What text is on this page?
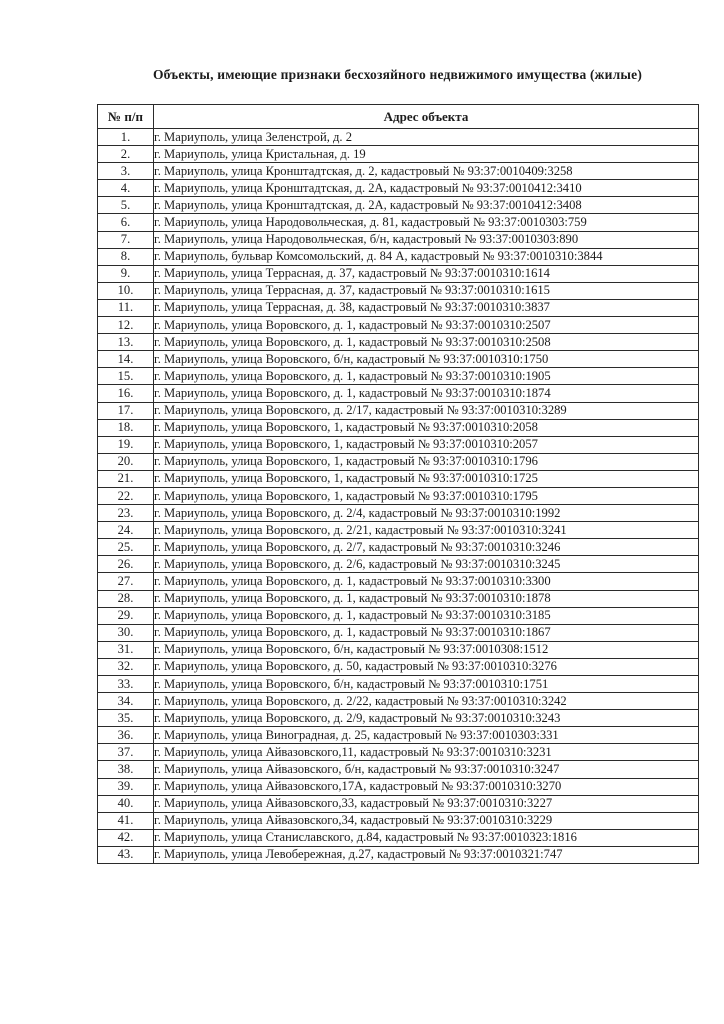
Объекты, имеющие признаки бесхозяйного недвижимого имущества (жилые)
№ п/п	Адрес объекта
1.	г. Мариуполь, улица Зеленстрой, д. 2
2.	г. Мариуполь, улица Кристальная, д. 19
3.	г. Мариуполь, улица Кронштадтская, д. 2, кадастровый № 93:37:0010409:3258
4.	г. Мариуполь, улица Кронштадтская, д. 2А, кадастровый № 93:37:0010412:3410
5.	г. Мариуполь, улица Кронштадтская, д. 2А, кадастровый № 93:37:0010412:3408
6.	г. Мариуполь, улица Народовольческая, д. 81, кадастровый № 93:37:0010303:759
7.	г. Мариуполь, улица Народовольческая, б/н, кадастровый № 93:37:0010303:890
8.	г. Мариуполь, бульвар Комсомольский, д. 84 А, кадастровый № 93:37:0010310:3844
9.	г. Мариуполь, улица Террасная, д. 37, кадастровый № 93:37:0010310:1614
10.	г. Мариуполь, улица Террасная, д. 37, кадастровый № 93:37:0010310:1615
11.	г. Мариуполь, улица Террасная, д. 38, кадастровый № 93:37:0010310:3837
12.	г. Мариуполь, улица Воровского, д. 1, кадастровый № 93:37:0010310:2507
13.	г. Мариуполь, улица Воровского, д. 1, кадастровый № 93:37:0010310:2508
14.	г. Мариуполь, улица Воровского, б/н, кадастровый № 93:37:0010310:1750
15.	г. Мариуполь, улица Воровского, д. 1, кадастровый № 93:37:0010310:1905
16.	г. Мариуполь, улица Воровского, д. 1, кадастровый № 93:37:0010310:1874
17.	г. Мариуполь, улица Воровского, д. 2/17, кадастровый № 93:37:0010310:3289
18.	г. Мариуполь, улица Воровского, 1, кадастровый № 93:37:0010310:2058
19.	г. Мариуполь, улица Воровского, 1, кадастровый № 93:37:0010310:2057
20.	г. Мариуполь, улица Воровского, 1, кадастровый № 93:37:0010310:1796
21.	г. Мариуполь, улица Воровского, 1, кадастровый № 93:37:0010310:1725
22.	г. Мариуполь, улица Воровского, 1, кадастровый № 93:37:0010310:1795
23.	г. Мариуполь, улица Воровского, д. 2/4, кадастровый № 93:37:0010310:1992
24.	г. Мариуполь, улица Воровского, д. 2/21, кадастровый № 93:37:0010310:3241
25.	г. Мариуполь, улица Воровского, д. 2/7, кадастровый № 93:37:0010310:3246
26.	г. Мариуполь, улица Воровского, д. 2/6, кадастровый № 93:37:0010310:3245
27.	г. Мариуполь, улица Воровского, д. 1, кадастровый № 93:37:0010310:3300
28.	г. Мариуполь, улица Воровского, д. 1, кадастровый № 93:37:0010310:1878
29.	г. Мариуполь, улица Воровского, д. 1, кадастровый № 93:37:0010310:3185
30.	г. Мариуполь, улица Воровского, д. 1, кадастровый № 93:37:0010310:1867
31.	г. Мариуполь, улица Воровского, б/н, кадастровый № 93:37:0010308:1512
32.	г. Мариуполь, улица Воровского, д. 50, кадастровый № 93:37:0010310:3276
33.	г. Мариуполь, улица Воровского, б/н, кадастровый № 93:37:0010310:1751
34.	г. Мариуполь, улица Воровского, д. 2/22, кадастровый № 93:37:0010310:3242
35.	г. Мариуполь, улица Воровского, д. 2/9, кадастровый № 93:37:0010310:3243
36.	г. Мариуполь, улица Виноградная, д. 25, кадастровый № 93:37:0010303:331
37.	г. Мариуполь, улица Айвазовского,11, кадастровый № 93:37:0010310:3231
38.	г. Мариуполь, улица Айвазовского, б/н, кадастровый № 93:37:0010310:3247
39.	г. Мариуполь, улица Айвазовского,17А, кадастровый № 93:37:0010310:3270
40.	г. Мариуполь, улица Айвазовского,33, кадастровый № 93:37:0010310:3227
41.	г. Мариуполь, улица Айвазовского,34, кадастровый № 93:37:0010310:3229
42.	г. Мариуполь, улица Станиславского, д.84, кадастровый № 93:37:0010323:1816
43.	г. Мариуполь, улица Левобережная, д.27, кадастровый № 93:37:0010321:747
